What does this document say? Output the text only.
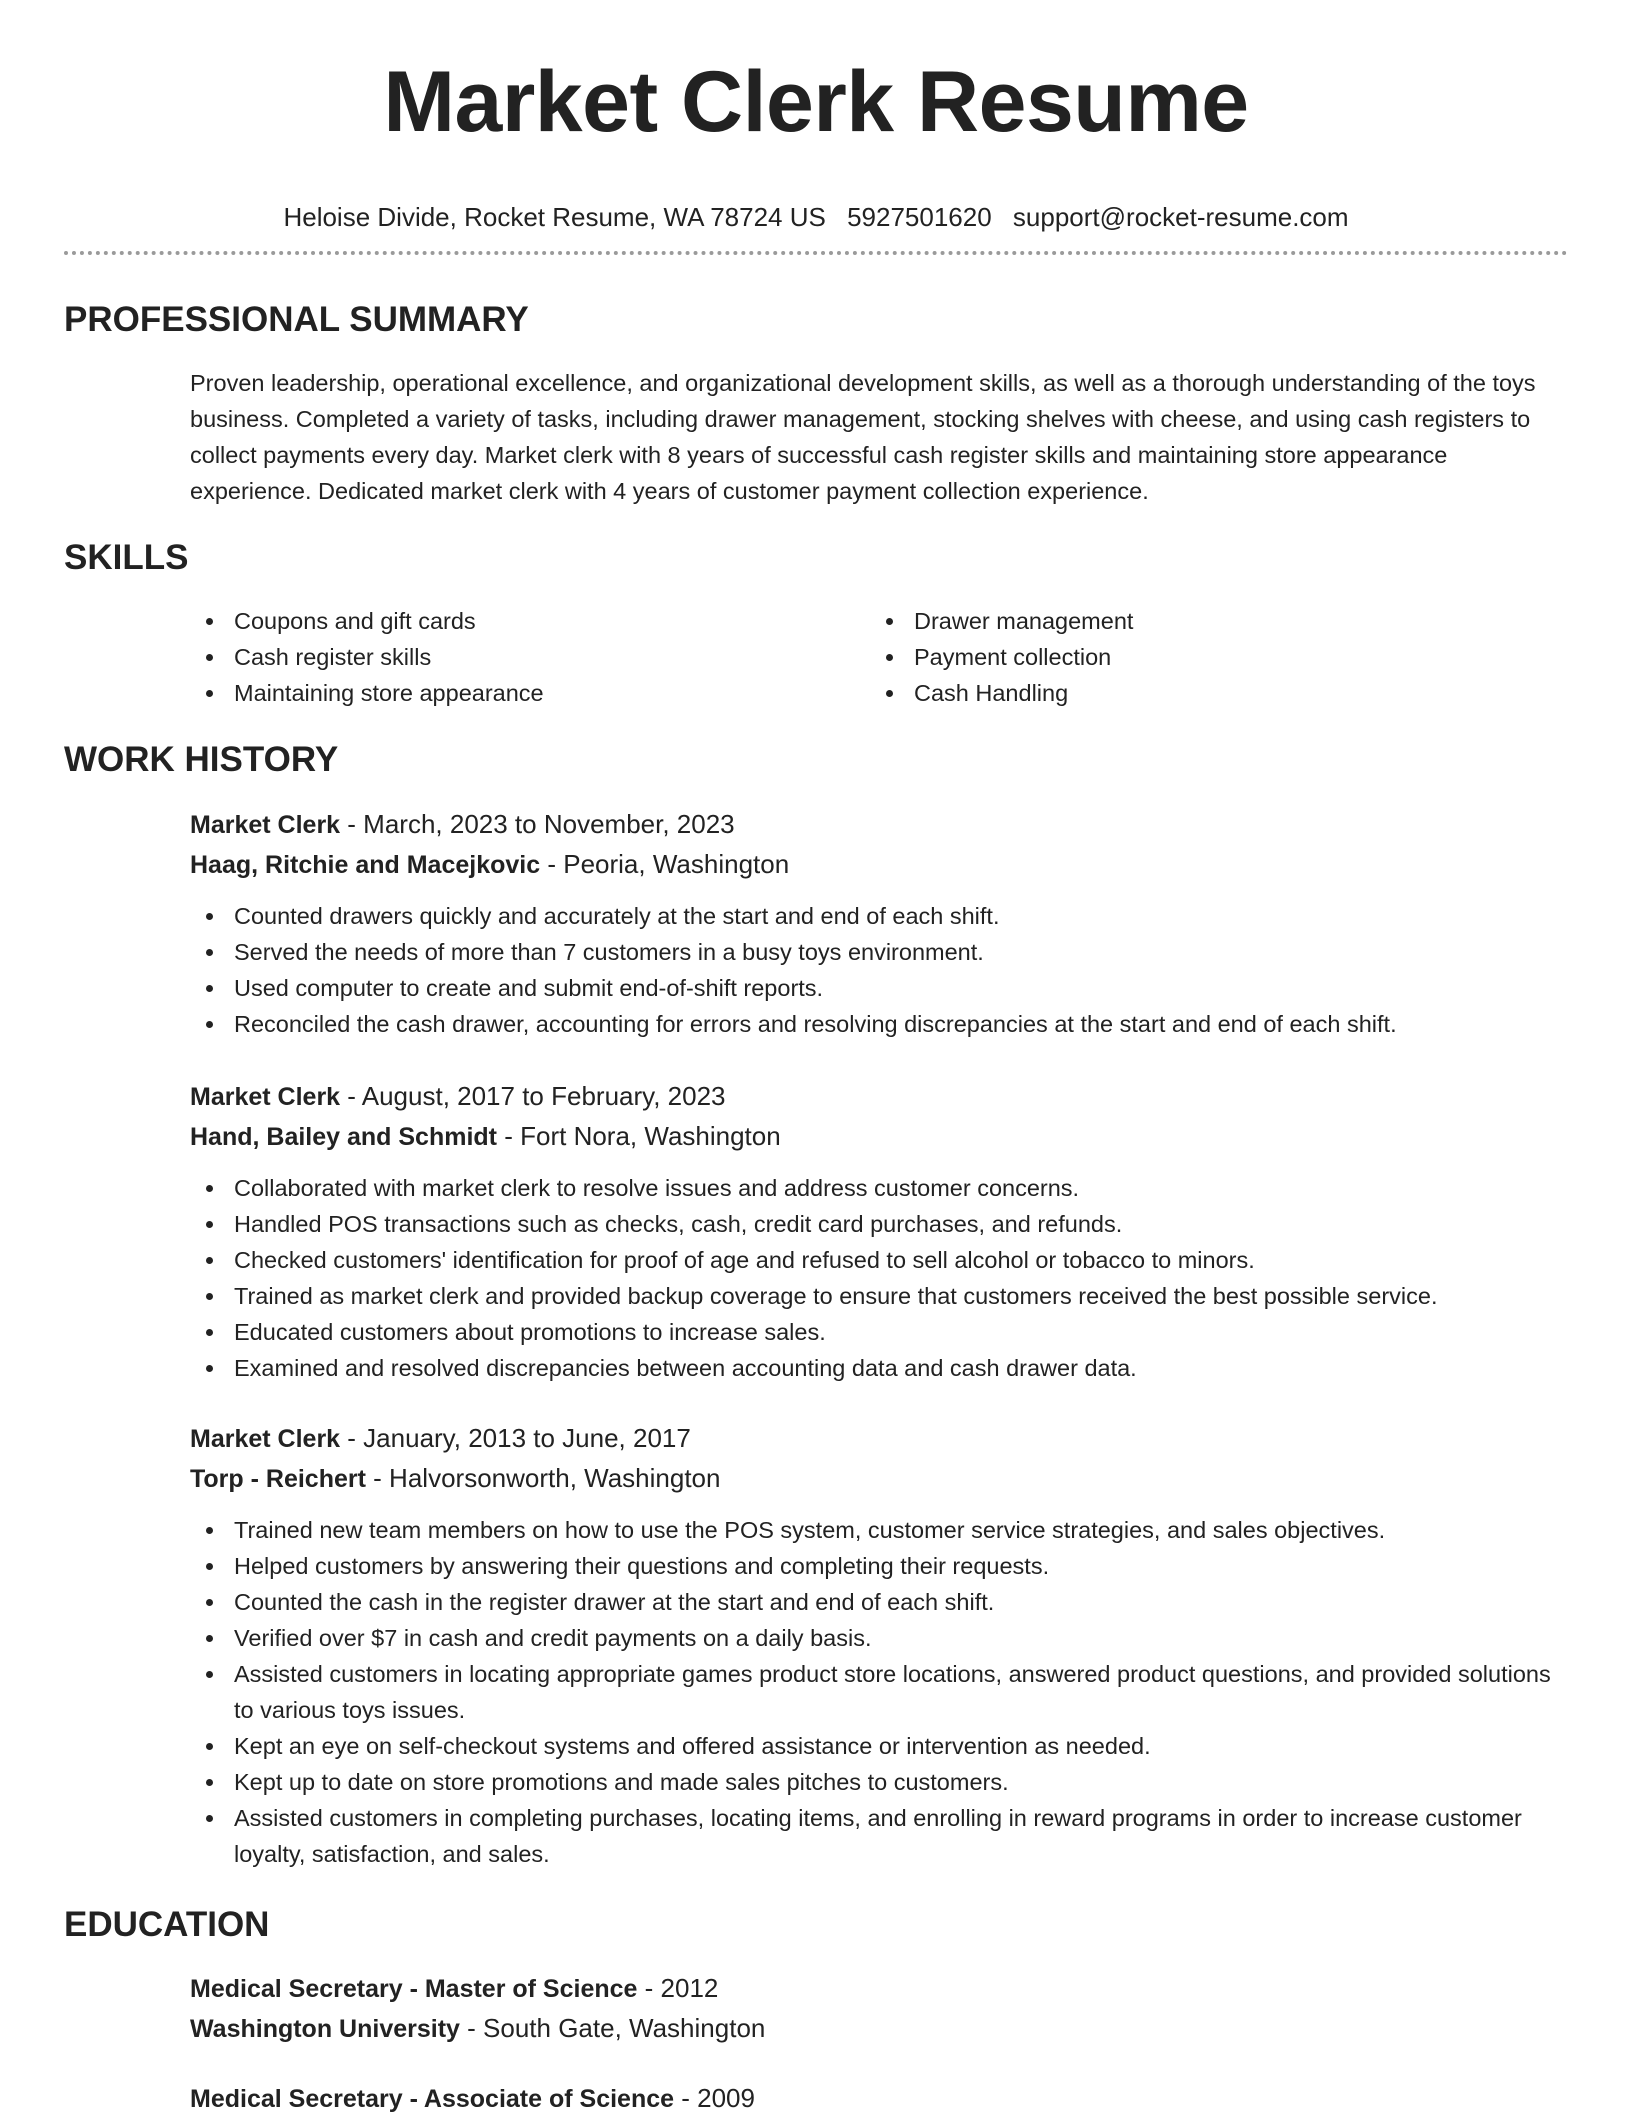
Market Clerk Resume
Heloise Divide, Rocket Resume, WA 78724 US 5927501620 support@rocket-resume.com
PROFESSIONAL SUMMARY
Proven leadership, operational excellence, and organizational development skills, as well as a thorough understanding of the toys business. Completed a variety of tasks, including drawer management, stocking shelves with cheese, and using cash registers to collect payments every day. Market clerk with 8 years of successful cash register skills and maintaining store appearance experience. Dedicated market clerk with 4 years of customer payment collection experience.
SKILLS
Coupons and gift cards
Cash register skills
Maintaining store appearance
Drawer management
Payment collection
Cash Handling
WORK HISTORY
Market Clerk - March, 2023 to November, 2023
Haag, Ritchie and Macejkovic - Peoria, Washington
Counted drawers quickly and accurately at the start and end of each shift.
Served the needs of more than 7 customers in a busy toys environment.
Used computer to create and submit end-of-shift reports.
Reconciled the cash drawer, accounting for errors and resolving discrepancies at the start and end of each shift.
Market Clerk - August, 2017 to February, 2023
Hand, Bailey and Schmidt - Fort Nora, Washington
Collaborated with market clerk to resolve issues and address customer concerns.
Handled POS transactions such as checks, cash, credit card purchases, and refunds.
Checked customers' identification for proof of age and refused to sell alcohol or tobacco to minors.
Trained as market clerk and provided backup coverage to ensure that customers received the best possible service.
Educated customers about promotions to increase sales.
Examined and resolved discrepancies between accounting data and cash drawer data.
Market Clerk - January, 2013 to June, 2017
Torp - Reichert - Halvorsonworth, Washington
Trained new team members on how to use the POS system, customer service strategies, and sales objectives.
Helped customers by answering their questions and completing their requests.
Counted the cash in the register drawer at the start and end of each shift.
Verified over $7 in cash and credit payments on a daily basis.
Assisted customers in locating appropriate games product store locations, answered product questions, and provided solutions to various toys issues.
Kept an eye on self-checkout systems and offered assistance or intervention as needed.
Kept up to date on store promotions and made sales pitches to customers.
Assisted customers in completing purchases, locating items, and enrolling in reward programs in order to increase customer loyalty, satisfaction, and sales.
EDUCATION
Medical Secretary - Master of Science - 2012
Washington University - South Gate, Washington
Medical Secretary - Associate of Science - 2009
